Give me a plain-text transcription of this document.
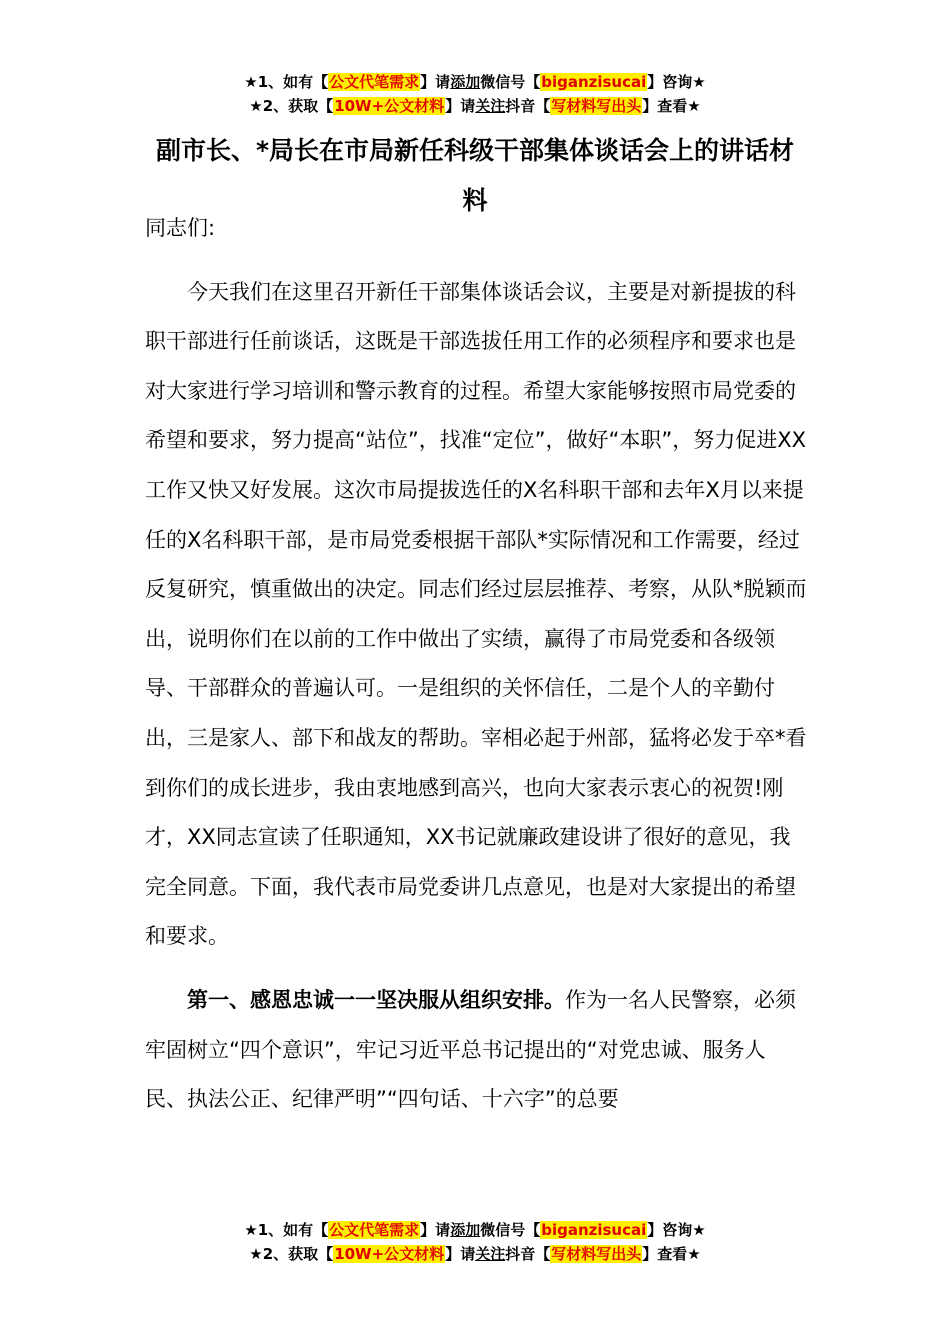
★1、如有【公文代笔需求】请添加微信号【biganzisucai】咨询★
★2、获取【10W+公文材料】请关注抖音【写材料写出头】查看★
副市长、*局长在市局新任科级干部集体谈话会上的讲话材料

同志们:

今天我们在这里召开新任干部集体谈话会议，主要是对新提拔的科职干部进行任前谈话，这既是干部选拔任用工作的必须程序和要求也是对大家进行学习培训和警示教育的过程。希望大家能够按照市局党委的希望和要求，努力提高“站位”，找准“定位”，做好“本职”，努力促进XX工作又快又好发展。这次市局提拔选任的X名科职干部和去年X月以来提任的X名科职干部，是市局党委根据干部队*实际情况和工作需要，经过反复研究，慎重做出的决定。同志们经过层层推荐、考察，从队*脱颖而出，说明你们在以前的工作中做出了实绩，赢得了市局党委和各级领导、干部群众的普遍认可。一是组织的关怀信任，二是个人的辛勤付出，三是家人、部下和战友的帮助。宰相必起于州部，猛将必发于卒*看到你们的成长进步，我由衷地感到高兴，也向大家表示衷心的祝贺!刚才，XX同志宣读了任职通知，XX书记就廉政建设讲了很好的意见，我完全同意。下面，我代表市局党委讲几点意见，也是对大家提出的希望和要求。

第一、感恩忠诚一一坚决服从组织安排。作为一名人民警察，必须牢固树立“四个意识”，牢记习近平总书记提出的“对党忠诚、服务人民、执法公正、纪律严明”“四句话、十六字”的总要

★1、如有【公文代笔需求】请添加微信号【biganzisucai】咨询★
★2、获取【10W+公文材料】请关注抖音【写材料写出头】查看★
